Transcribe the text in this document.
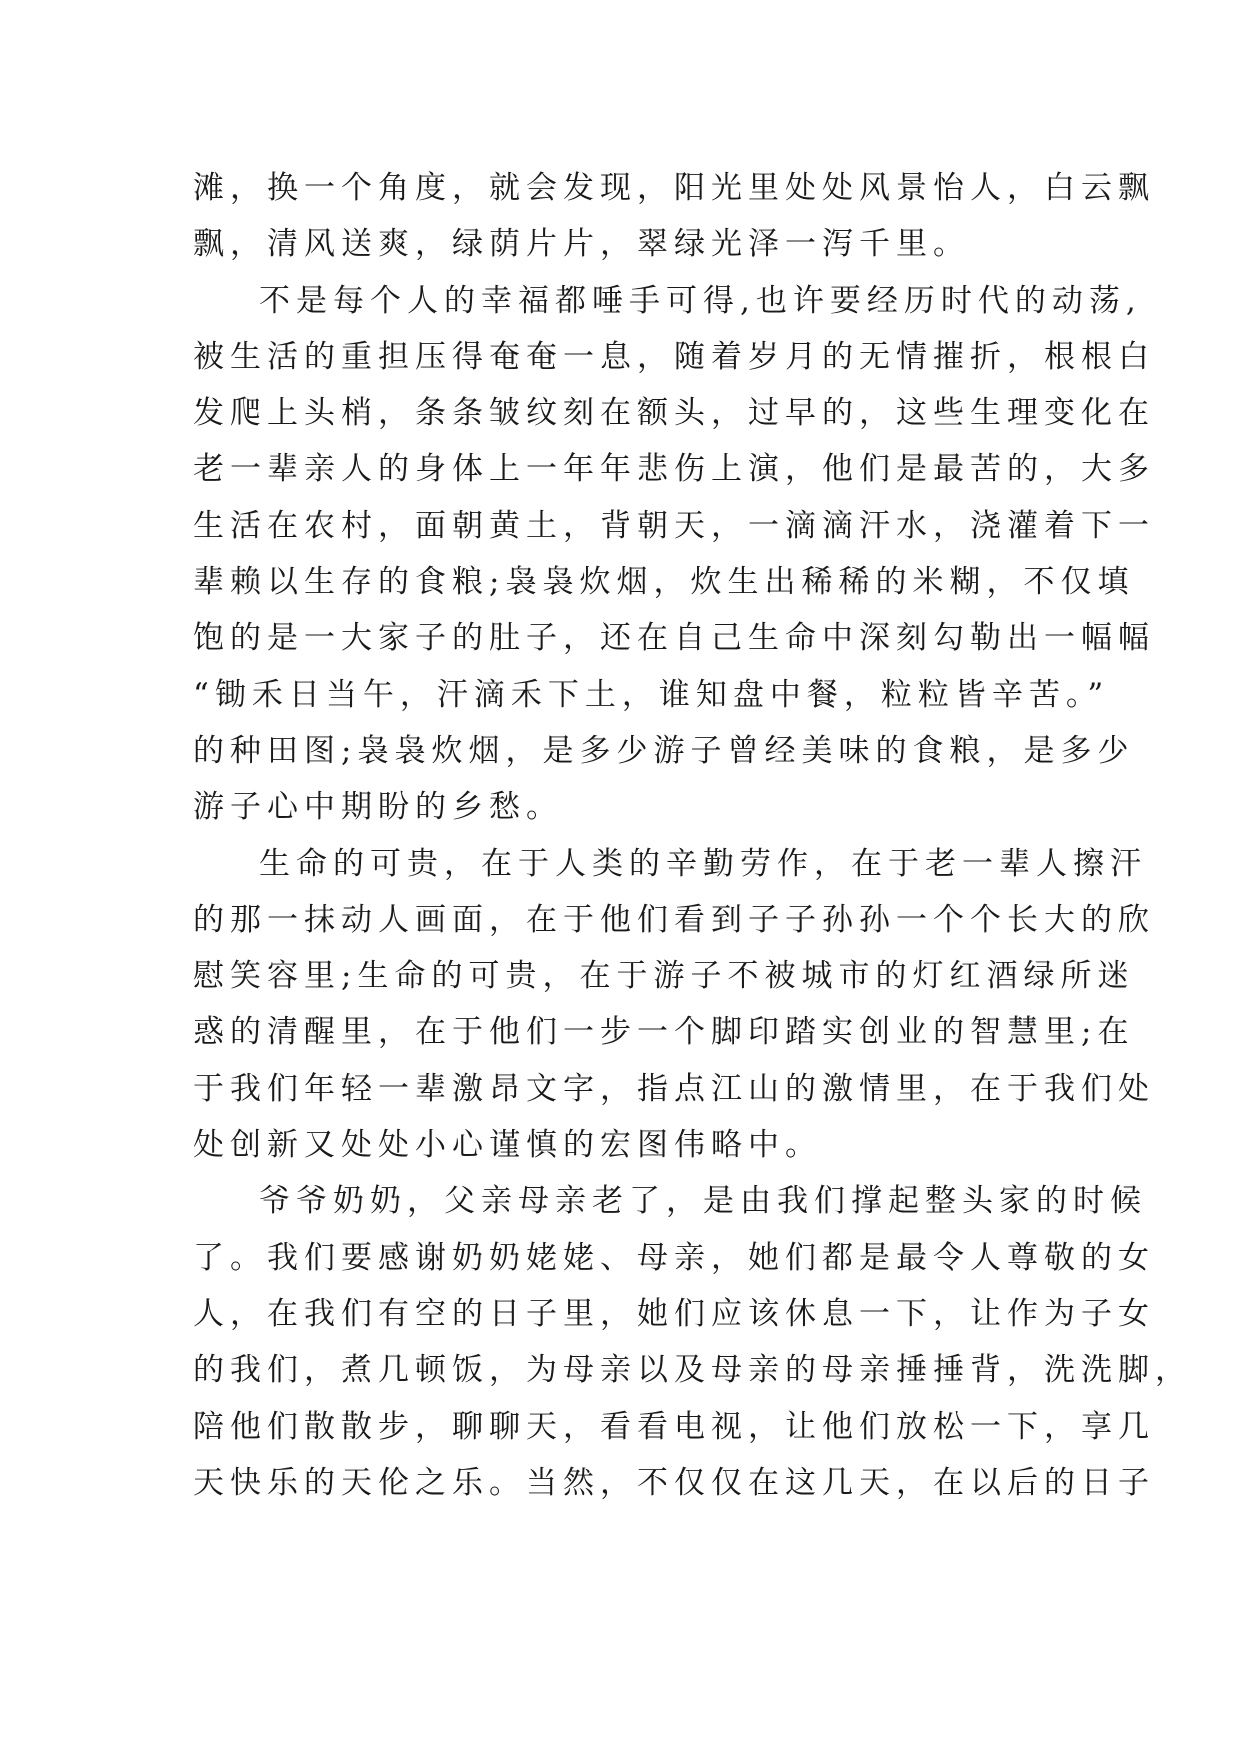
滩，换一个角度，就会发现，阳光里处处风景怡人，白云飘
飘，清风送爽，绿荫片片，翠绿光泽一泻千里。
不是每个人的幸福都唾手可得,也许要经历时代的动荡,
被生活的重担压得奄奄一息，随着岁月的无情摧折，根根白
发爬上头梢，条条皱纹刻在额头，过早的，这些生理变化在
老一辈亲人的身体上一年年悲伤上演，他们是最苦的，大多
生活在农村，面朝黄土，背朝天，一滴滴汗水，浇灌着下一
辈赖以生存的食粮;袅袅炊烟，炊生出稀稀的米糊，不仅填
饱的是一大家子的肚子，还在自己生命中深刻勾勒出一幅幅
“锄禾日当午，汗滴禾下土，谁知盘中餐，粒粒皆辛苦。”
的种田图;袅袅炊烟，是多少游子曾经美味的食粮，是多少
游子心中期盼的乡愁。
生命的可贵，在于人类的辛勤劳作，在于老一辈人擦汗
的那一抹动人画面，在于他们看到子子孙孙一个个长大的欣
慰笑容里;生命的可贵，在于游子不被城市的灯红酒绿所迷
惑的清醒里，在于他们一步一个脚印踏实创业的智慧里;在
于我们年轻一辈激昂文字，指点江山的激情里，在于我们处
处创新又处处小心谨慎的宏图伟略中。
爷爷奶奶，父亲母亲老了，是由我们撑起整头家的时候
了。我们要感谢奶奶姥姥、母亲，她们都是最令人尊敬的女
人，在我们有空的日子里，她们应该休息一下，让作为子女
的我们，煮几顿饭，为母亲以及母亲的母亲捶捶背，洗洗脚，
陪他们散散步，聊聊天，看看电视，让他们放松一下，享几
天快乐的天伦之乐。当然，不仅仅在这几天，在以后的日子
